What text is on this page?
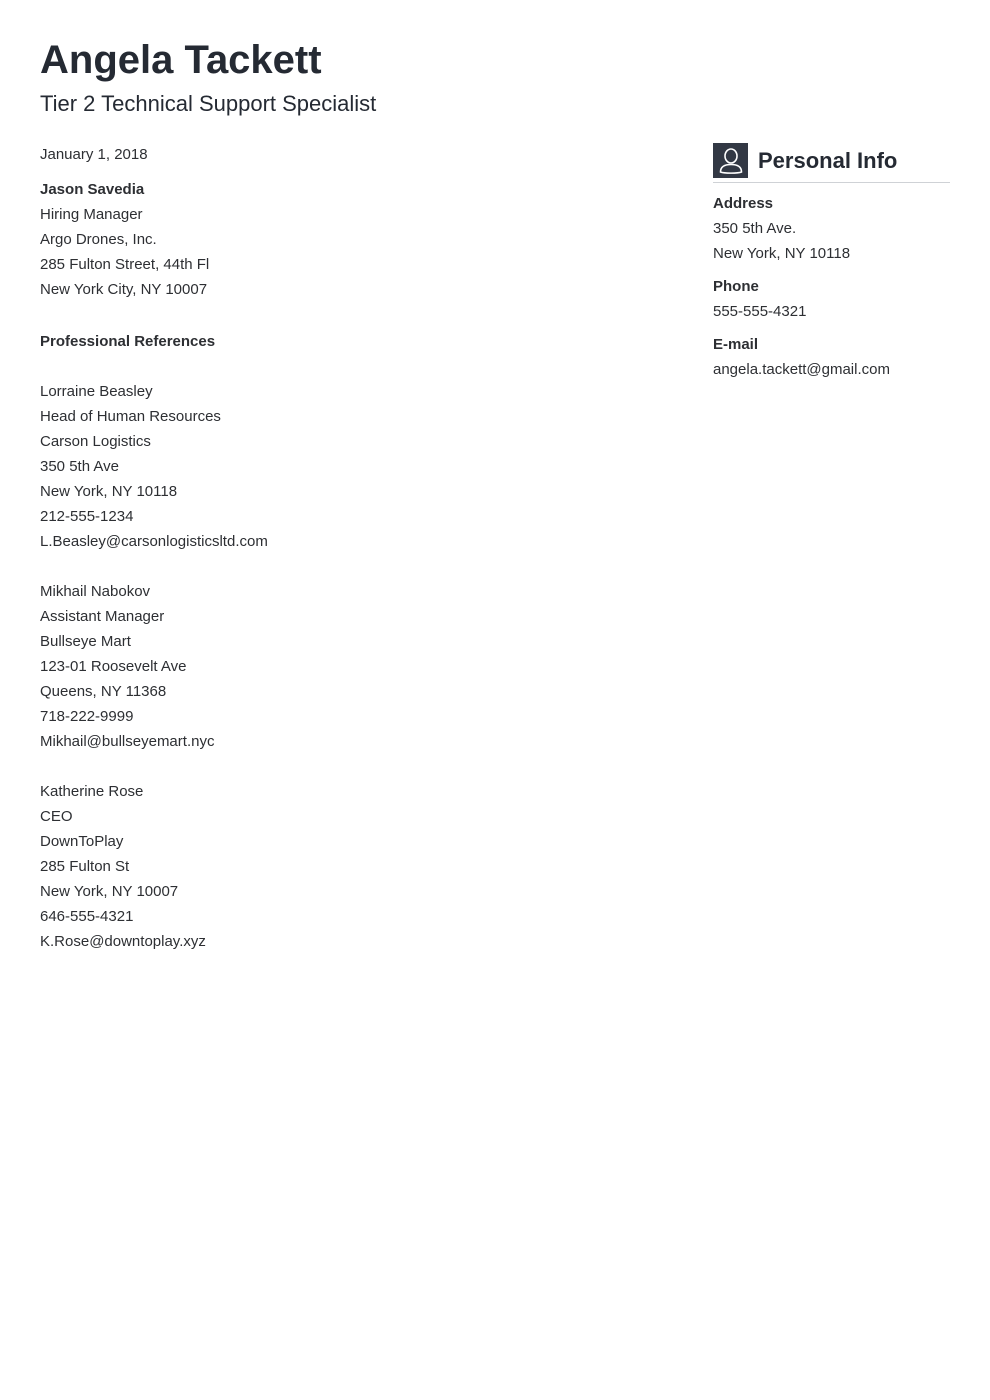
Angela Tackett
Tier 2 Technical Support Specialist
January 1, 2018
Jason Savedia
Hiring Manager
Argo Drones, Inc.
285 Fulton Street, 44th Fl
New York City, NY 10007
Professional References
Lorraine Beasley
Head of Human Resources
Carson Logistics
350 5th Ave
New York, NY 10118
212-555-1234
L.Beasley@carsonlogisticsltd.com
Mikhail Nabokov
Assistant Manager
Bullseye Mart
123-01 Roosevelt Ave
Queens, NY 11368
718-222-9999
Mikhail@bullseyemart.nyc
Katherine Rose
CEO
DownToPlay
285 Fulton St
New York, NY 10007
646-555-4321
K.Rose@downtoplay.xyz
Personal Info
Address
350 5th Ave.
New York, NY 10118
Phone
555-555-4321
E-mail
angela.tackett@gmail.com
